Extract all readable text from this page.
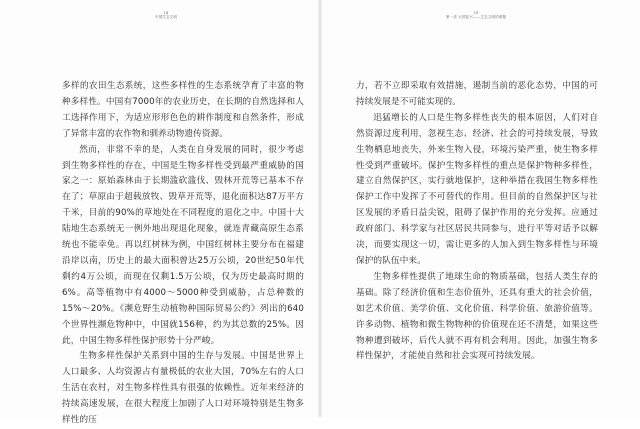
18
中国生态文明

多样的农田生态系统，这些多样性的生态系统孕育了丰富的物种多样性。中国有7000年的农业历史，在长期的自然选择和人工选择作用下，为适应形形色色的耕作制度和自然条件，形成了异常丰富的农作物和驯养动物遗传资源。

然而，非常不幸的是，人类在自身发展的同时，很少考虑到生物多样性的存在，中国是生物多样性受到最严重威胁的国家之一：原始森林由于长期滥砍滥伐、毁林开荒等已基本不存在了；草原由于超载放牧、毁草开荒等，退化面积达87万平方千米，目前的90%的草地处在不同程度的退化之中。中国十大陆地生态系统无一例外地出现退化现象，就连青藏高原生态系统也不能幸免。再以红树林为例，中国红树林主要分布在福建沿岸以南，历史上的最大面积曾达25万公顷，20世纪50年代剩约4万公顷，而现在仅剩1.5万公顷，仅为历史最高时期的6%。高等植物中有4000～5000种受到威胁，占总种数的15%～20%。《濒危野生动植物种国际贸易公约》列出的640个世界性濒危物种中，中国就156种，约为其总数的25%。因此，中国生物多样性保护形势十分严峻。

生物多样性保护关系到中国的生存与发展。中国是世界上人口最多、人均资源占有量极低的农业大国，70%左右的人口生活在农村，对生物多样性具有很强的依赖性。近年来经济的持续高速发展，在很大程度上加剧了人口对环境特别是生物多样性的压

19
第一讲 大国复兴——生态文明的命题

力，若不立即采取有效措施，遏制当前的恶化态势，中国的可持续发展是不可能实现的。

迅猛增长的人口是生物多样性丧失的根本原因，人们对自然资源过度利用，忽视生态、经济、社会的可持续发展，导致生物栖息地丧失，外来生物入侵，环境污染严重，使生物多样性受到严重破坏。保护生物多样性的重点是保护物种多样性，建立自然保护区，实行就地保护，这种举措在我国生物多样性保护工作中发挥了不可替代的作用。但目前的自然保护区与社区发展的矛盾日益尖锐，阻碍了保护作用的充分发挥。应通过政府部门、科学家与社区居民共同参与，进行平等对话予以解决，而要实现这一切，需让更多的人加入到生物多样性与环境保护的队伍中来。

生物多样性提供了地球生命的物质基础，包括人类生存的基础。除了经济价值和生态价值外，还具有重大的社会价值，如艺术价值、美学价值、文化价值、科学价值、旅游价值等。许多动物、植物和微生物物种的价值现在还不清楚，如果这些物种遭到破坏，后代人就不再有机会利用。因此，加强生物多样性保护，才能使自然和社会实现可持续发展。
